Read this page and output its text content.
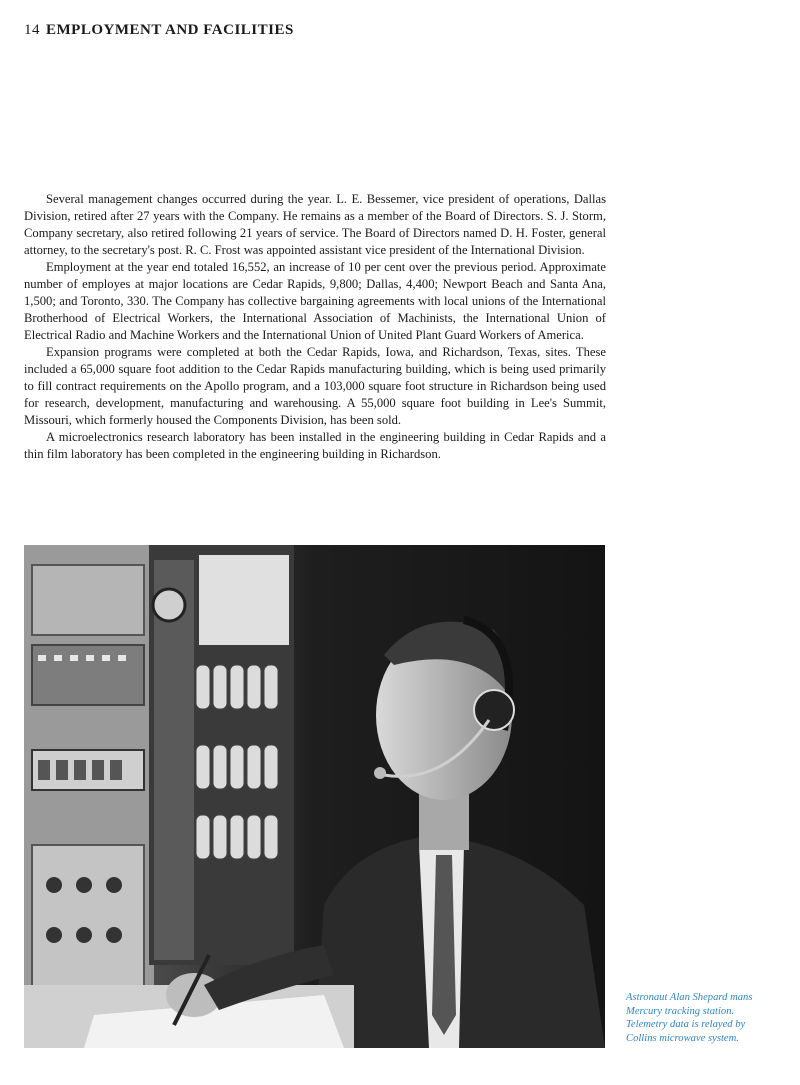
14 EMPLOYMENT AND FACILITIES

Several management changes occurred during the year. L. E. Bessemer, vice president of operations, Dallas Division, retired after 27 years with the Company. He remains as a member of the Board of Directors. S. J. Storm, Company secretary, also retired following 21 years of service. The Board of Directors named D. H. Foster, general attorney, to the secretary's post. R. C. Frost was appointed assistant vice president of the International Division.

Employment at the year end totaled 16,552, an increase of 10 per cent over the previous period. Approximate number of employes at major locations are Cedar Rapids, 9,800; Dallas, 4,400; Newport Beach and Santa Ana, 1,500; and Toronto, 330. The Company has collective bargaining agreements with local unions of the International Brotherhood of Electrical Workers, the International Association of Machinists, the International Union of Electrical Radio and Machine Workers and the International Union of United Plant Guard Workers of America.

Expansion programs were completed at both the Cedar Rapids, Iowa, and Richardson, Texas, sites. These included a 65,000 square foot addition to the Cedar Rapids manufacturing building, which is being used primarily to fill contract requirements on the Apollo program, and a 103,000 square foot structure in Richardson being used for research, development, manufacturing and warehousing. A 55,000 square foot building in Lee's Summit, Missouri, which formerly housed the Components Division, has been sold.

A microelectronics research laboratory has been installed in the engineering building in Cedar Rapids and a thin film laboratory has been completed in the engineering building in Richardson.

Astronaut Alan Shepard mans
Mercury tracking station.
Telemetry data is relayed by
Collins microwave system.
